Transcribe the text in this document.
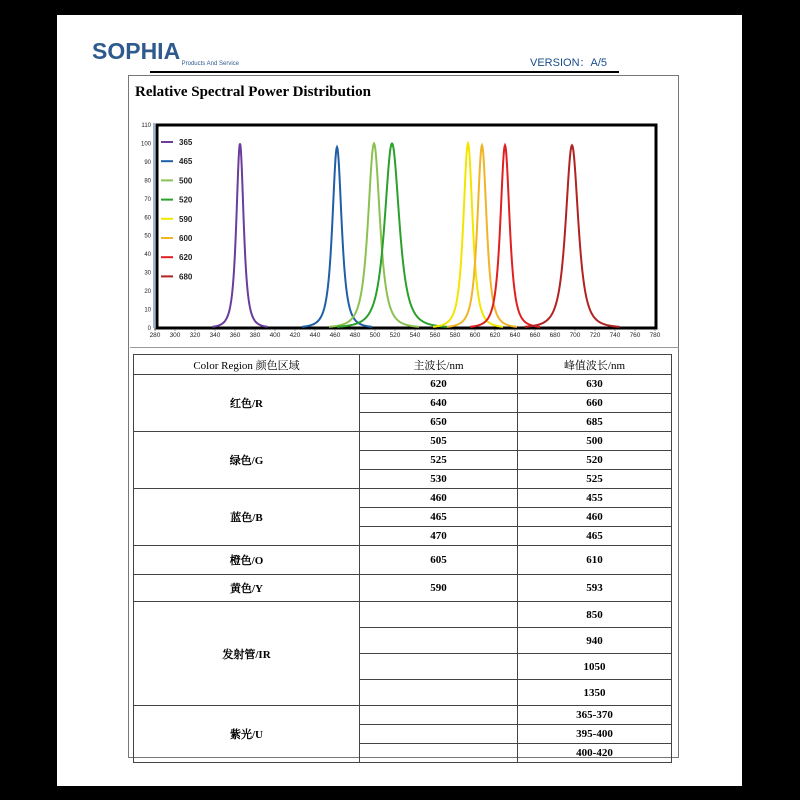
SOPHIA Products And Service	VERSION：A/5
Relative Spectral Power Distribution
0
10
20
30
40
50
60
70
80
90
100
110
280 300 320 340 360 380 400 420 440 460 480 500 520 540 560 580 600 620 640 660 680 700 720 740 760 780
365
465
500
520
590
600
620
680
Color Region 颜色区域	主波长/nm	峰值波长/nm
红色/R	620	630
	640	660
	650	685
绿色/G	505	500
	525	520
	530	525
蓝色/B	460	455
	465	460
	470	465
橙色/O	605	610
黄色/Y	590	593
发射管/IR		850
		940
		1050
		1350
紫光/U		365-370
		395-400
		400-420
